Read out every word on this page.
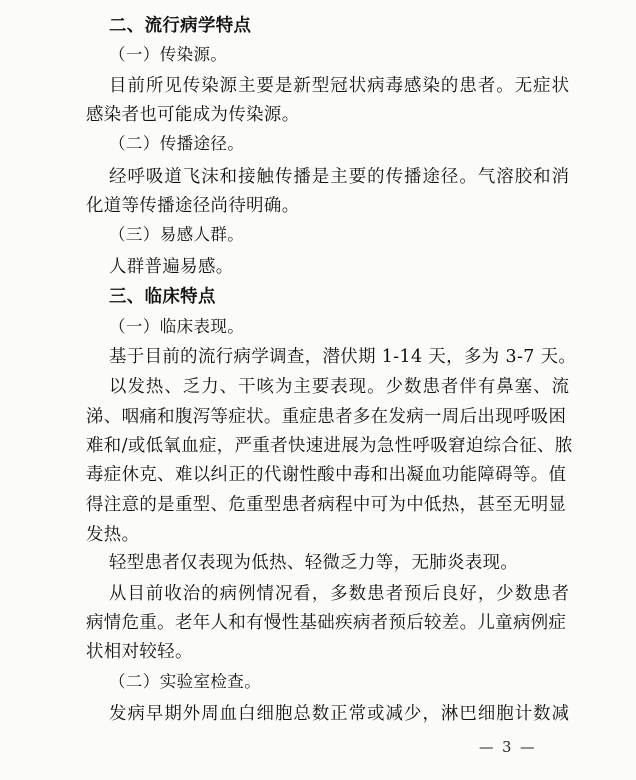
二、流行病学特点
（一）传染源。
目前所见传染源主要是新型冠状病毒感染的患者。无症状
感染者也可能成为传染源。
（二）传播途径。
经呼吸道飞沫和接触传播是主要的传播途径。气溶胶和消
化道等传播途径尚待明确。
（三）易感人群。
人群普遍易感。
三、临床特点
（一）临床表现。
基于目前的流行病学调查，潜伏期 1-14 天，多为 3-7 天。
以发热、乏力、干咳为主要表现。少数患者伴有鼻塞、流
涕、咽痛和腹泻等症状。重症患者多在发病一周后出现呼吸困
难和/或低氧血症，严重者快速进展为急性呼吸窘迫综合征、脓
毒症休克、难以纠正的代谢性酸中毒和出凝血功能障碍等。值
得注意的是重型、危重型患者病程中可为中低热，甚至无明显
发热。
轻型患者仅表现为低热、轻微乏力等，无肺炎表现。
从目前收治的病例情况看，多数患者预后良好，少数患者
病情危重。老年人和有慢性基础疾病者预后较差。儿童病例症
状相对较轻。
（二）实验室检查。
发病早期外周血白细胞总数正常或减少，淋巴细胞计数减
— 3 —
